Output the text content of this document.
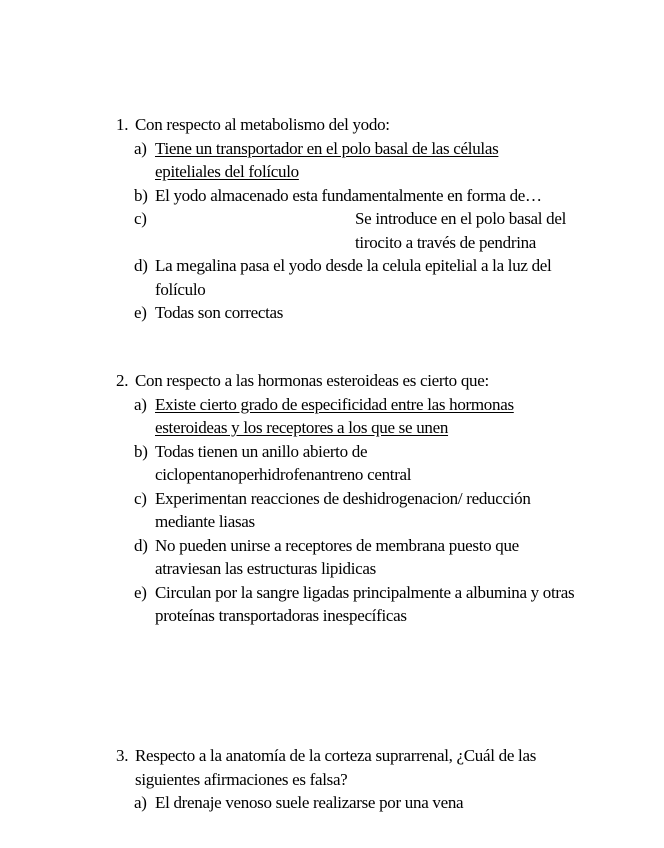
1. Con respecto al metabolismo del yodo:
a) Tiene un transportador en el polo basal de las células epiteliales del folículo
b) El yodo almacenado esta fundamentalmente en forma de…
c)	Se introduce en el polo basal del tirocito a través de pendrina
d) La megalina pasa el yodo desde la celula epitelial a la luz del folículo
e) Todas son correctas
2. Con respecto a las hormonas esteroideas es cierto que:
a) Existe cierto grado de especificidad entre las hormonas esteroideas y los receptores a los que se unen
b) Todas tienen un anillo abierto de ciclopentanoperhidrofenantreno central
c) Experimentan reacciones de deshidrogenacion/ reducción mediante liasas
d) No pueden unirse a receptores de membrana puesto que atraviesan las estructuras lipidicas
e) Circulan por la sangre ligadas principalmente a albumina y otras proteínas transportadoras inespecíficas
3. Respecto a la anatomía de la corteza suprarrenal, ¿Cuál de las siguientes afirmaciones es falsa?
a) El drenaje venoso suele realizarse por una vena
